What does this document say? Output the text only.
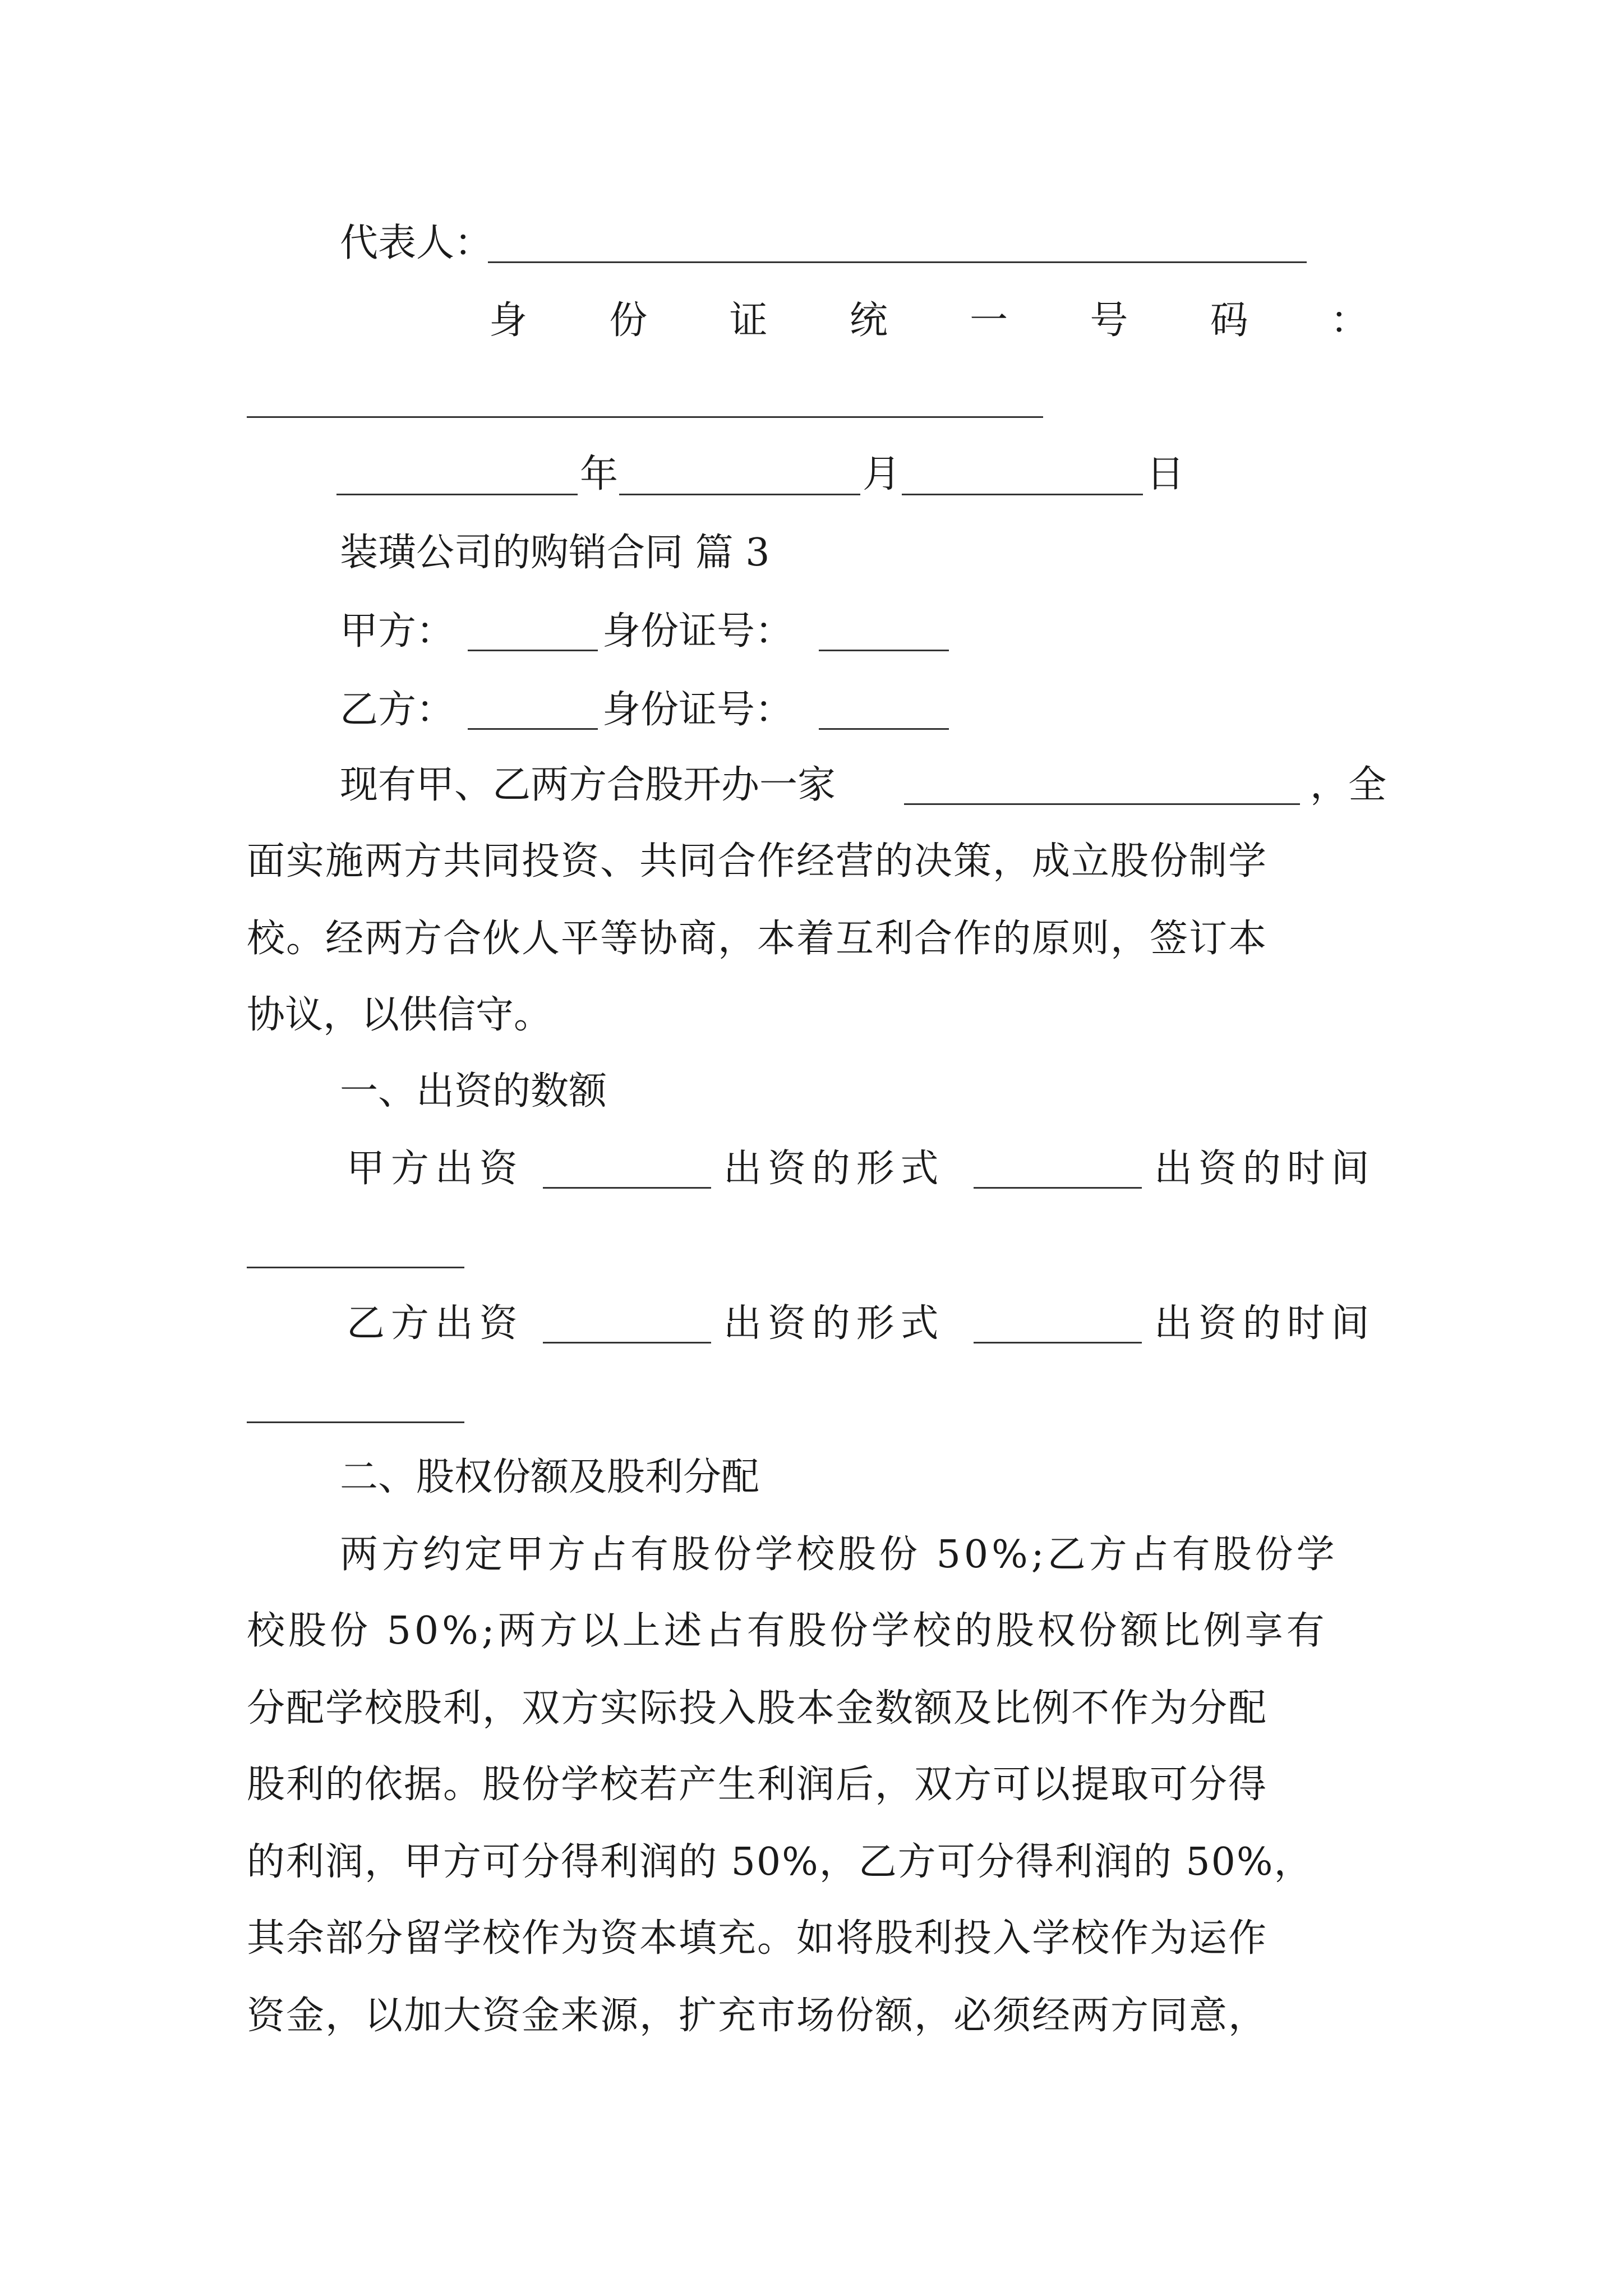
代表人：
身 份 证 统 一 号 码 ：
年	月	日
装璜公司的购销合同 篇 3
甲方：	身份证号：
乙方：	身份证号：
现有甲、乙两方合股开办一家	，全
面实施两方共同投资、共同合作经营的决策，成立股份制学
校。经两方合伙人平等协商，本着互利合作的原则，签订本
协议，以供信守。
一、出资的数额
甲方出资	出资的形式	出资的时间
乙方出资	出资的形式	出资的时间
二、股权份额及股利分配
两方约定甲方占有股份学校股份 50%;乙方占有股份学
校股份 50%;两方以上述占有股份学校的股权份额比例享有
分配学校股利，双方实际投入股本金数额及比例不作为分配
股利的依据。股份学校若产生利润后，双方可以提取可分得
的利润，甲方可分得利润的 50%，乙方可分得利润的 50%，
其余部分留学校作为资本填充。如将股利投入学校作为运作
资金，以加大资金来源，扩充市场份额，必须经两方同意，
